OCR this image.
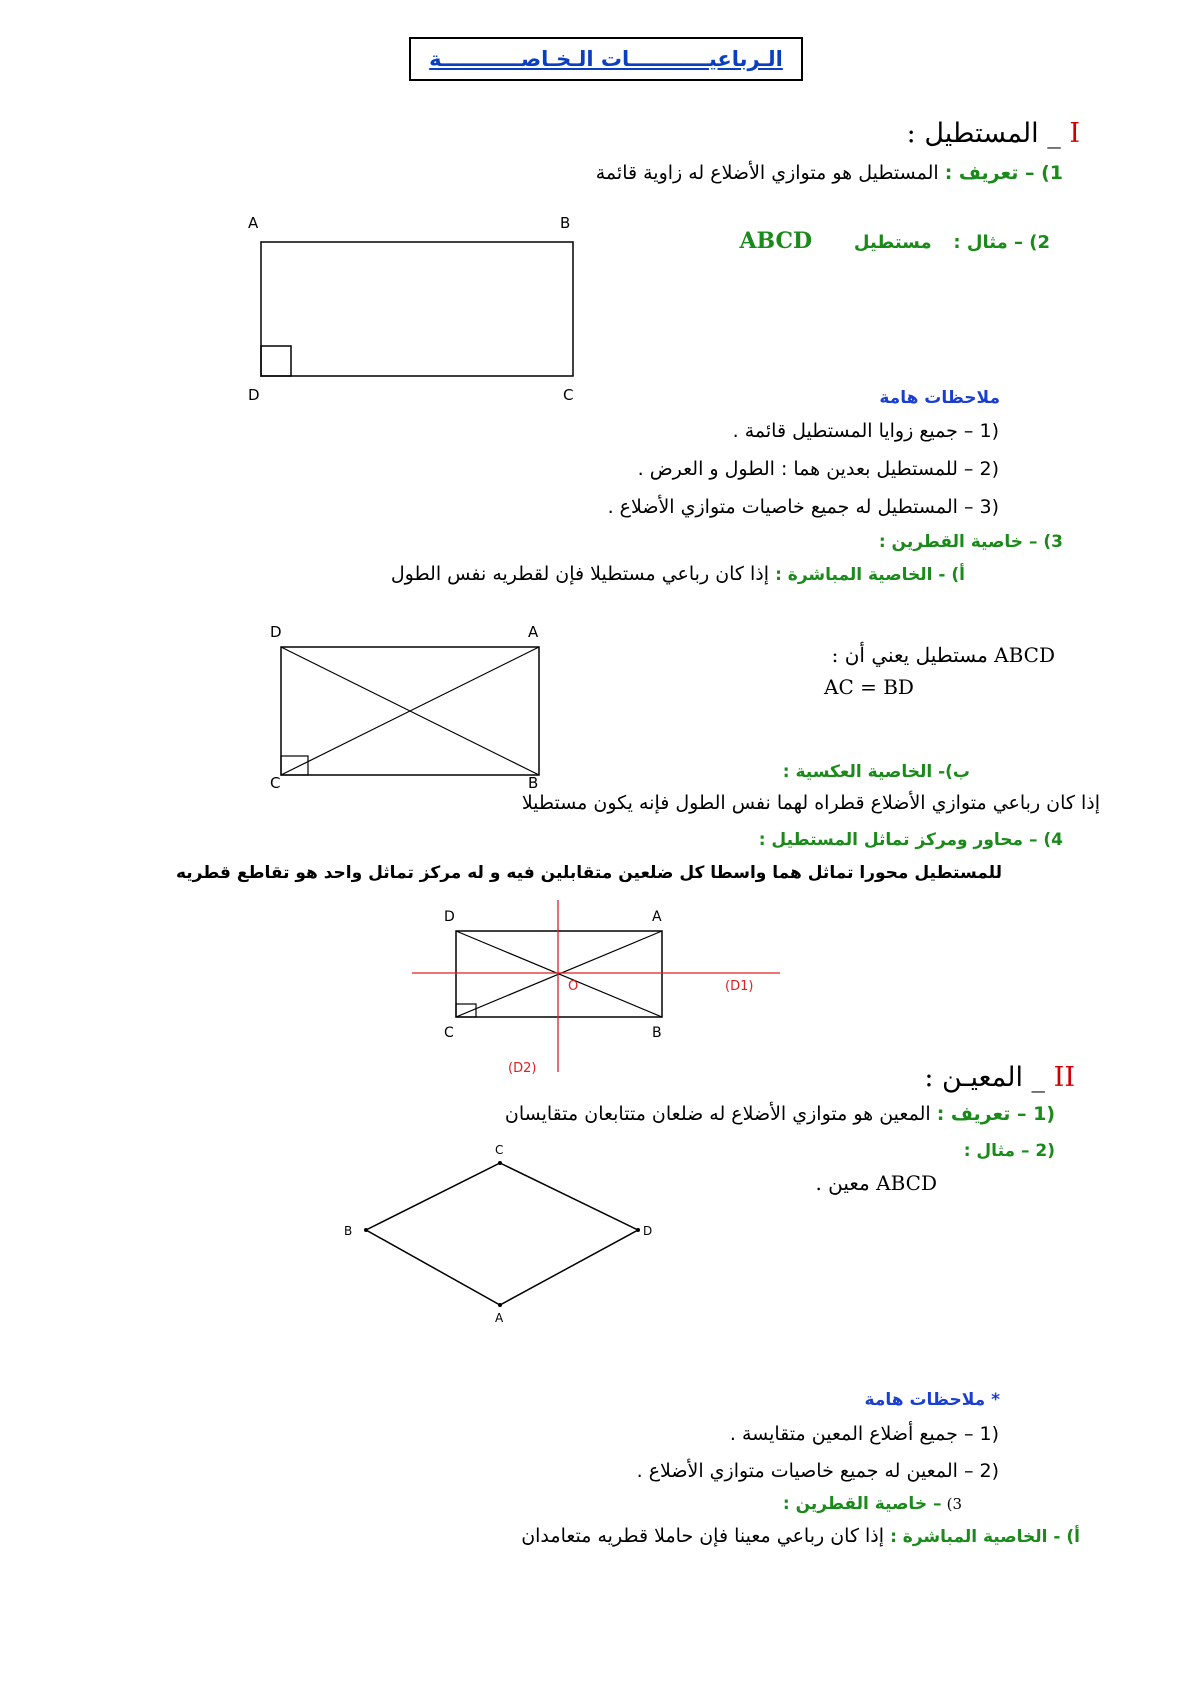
الـرباعيـــــــــــات الـخـاصـــــــــــة
I _ المستطيل :
1) – تعريف : المستطيل هو متوازي الأضلاع له زاوية قائمة
2) – مثال : مستطيل ABCD
A	B
C
D	ملاحظات هامة
(1 – جميع زوايا المستطيل قائمة .
(2 – للمستطيل بعدين هما : الطول و العرض .
(3 – المستطيل له جميع خاصيات متوازي الأضلاع .
3) – خاصية القطرين :
أ) - الخاصية المباشرة : إذا كان رباعي مستطيلا فإن لقطريه نفس الطول
D	A
C	B
ABCD مستطيل يعني أن :
AC = BD
ب)- الخاصية العكسية :
إذا كان رباعي متوازي الأضلاع قطراه لهما نفس الطول فإنه يكون مستطيلا
4) – محاور ومركز تماثل المستطيل :
للمستطيل محورا تماثل هما واسطا كل ضلعين متقابلين فيه و له مركز تماثل واحد هو تقاطع قطريه
D	A
C	B
O	(D1)
(D2)	II _ المعيـن :
(1 – تعريف : المعين هو متوازي الأضلاع له ضلعان متتابعان متقايسان
(2 – مثال :
ABCD معين .
C
D
A
B
* ملاحظات هامة
(1 – جميع أضلاع المعين متقايسة .
(2 – المعين له جميع خاصيات متوازي الأضلاع .
3) – خاصية القطرين :
أ) - الخاصية المباشرة : إذا كان رباعي معينا فإن حاملا قطريه متعامدان
